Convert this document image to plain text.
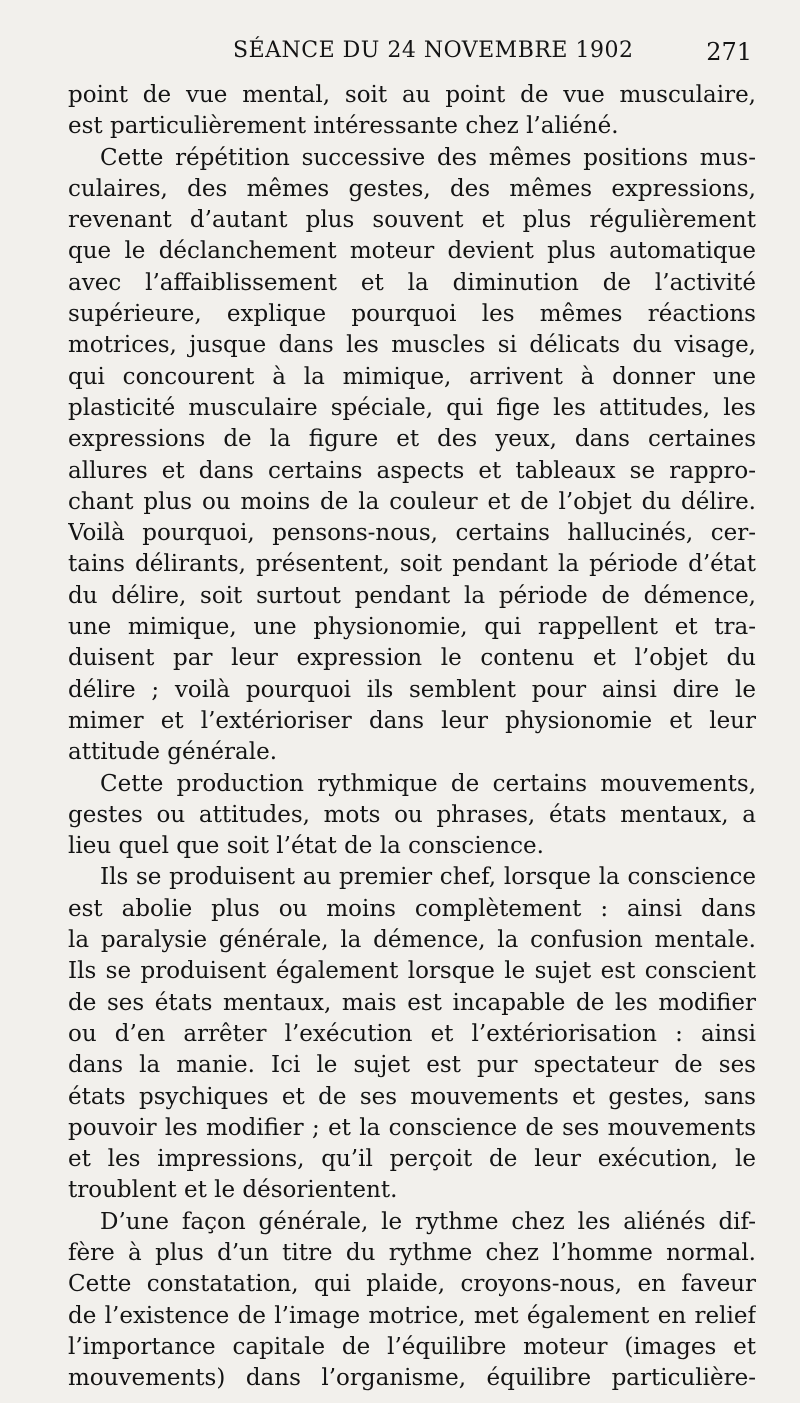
SÉANCE DU 24 NOVEMBRE 1902	271
point de vue mental, soit au point de vue musculaire,
est particulièrement intéressante chez l’aliéné.
Cette répétition successive des mêmes positions mus-
culaires, des mêmes gestes, des mêmes expressions,
revenant d’autant plus souvent et plus régulièrement
que le déclanchement moteur devient plus automatique
avec l’affaiblissement et la diminution de l’activité
supérieure, explique pourquoi les mêmes réactions
motrices, jusque dans les muscles si délicats du visage,
qui concourent à la mimique, arrivent à donner une
plasticité musculaire spéciale, qui fige les attitudes, les
expressions de la figure et des yeux, dans certaines
allures et dans certains aspects et tableaux se rappro-
chant plus ou moins de la couleur et de l’objet du délire.
Voilà pourquoi, pensons-nous, certains hallucinés, cer-
tains délirants, présentent, soit pendant la période d’état
du délire, soit surtout pendant la période de démence,
une mimique, une physionomie, qui rappellent et tra-
duisent par leur expression le contenu et l’objet du
délire ; voilà pourquoi ils semblent pour ainsi dire le
mimer et l’extérioriser dans leur physionomie et leur
attitude générale.
Cette production rythmique de certains mouvements,
gestes ou attitudes, mots ou phrases, états mentaux, a
lieu quel que soit l’état de la conscience.
Ils se produisent au premier chef, lorsque la conscience
est abolie plus ou moins complètement : ainsi dans
la paralysie générale, la démence, la confusion mentale.
Ils se produisent également lorsque le sujet est conscient
de ses états mentaux, mais est incapable de les modifier
ou d’en arrêter l’exécution et l’extériorisation : ainsi
dans la manie. Ici le sujet est pur spectateur de ses
états psychiques et de ses mouvements et gestes, sans
pouvoir les modifier ; et la conscience de ses mouvements
et les impressions, qu’il perçoit de leur exécution, le
troublent et le désorientent.
D’une façon générale, le rythme chez les aliénés dif-
fère à plus d’un titre du rythme chez l’homme normal.
Cette constatation, qui plaide, croyons-nous, en faveur
de l’existence de l’image motrice, met également en relief
l’importance capitale de l’équilibre moteur (images et
mouvements) dans l’organisme, équilibre particulière-
